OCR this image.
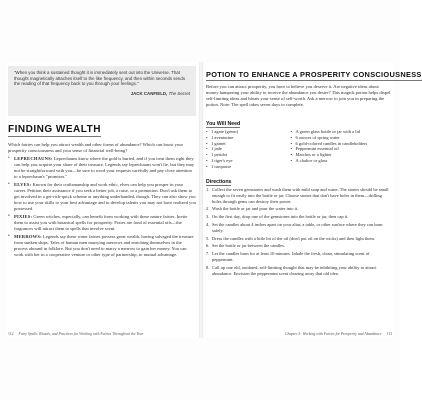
"When you think a sustained thought it is immediately sent out into the Universe. That thought magnetically attaches itself to the like frequency, and then within seconds sends the reading of that frequency back to you through your feelings."

JACK CANFIELD, The Secret
FINDING WEALTH

Which fairies can help you attract wealth and other forms of abundance? Which can boost your prosperity consciousness and your sense of financial well-being?

• LEPRECHAUNS: Leprechauns know where the gold is buried, and if you treat them right they can help you acquire your share of their treasure. Legends say leprechauns won't lie, but they may not be straightforward with you—be sure to word your requests carefully and pay close attention to a leprechaun's "promises."
• ELVES: Known for their craftsmanship and work ethic, elves can help you prosper in your career. Petition their assistance if you seek a better job, a raise, or a promotion. Don't ask them to get involved in a get-rich-quick scheme or anything underhanded, though. They can also show you how to use your skills to your best advantage and to develop talents you may not have realized you possessed.
• PIXIES: Green witches, especially, can benefit from working with these nature fairies. Invite them to assist you with botanical spells for prosperity. Pixies are fond of essential oils—the fragrances will attract them to spells that involve scent.
• MERROWS: Legends say these water fairies possess great wealth, having salvaged the treasure from sunken ships. Tales of human men marrying merrows and enriching themselves in the process abound in folklore. But you don't need to marry a merrow to gain her money. You can work with her in a cooperative venture or other type of partnership, to mutual advantage.
112 Fairy Spells: Rituals, and Practices for Working with Fairies Throughout the Year
POTION TO ENHANCE A PROSPERITY CONSCIOUSNESS

Before you can attract prosperity, you have to believe you deserve it. Are negative ideas about money hampering your ability to receive the abundance you desire? This magick potion helps dispel self-limiting ideas and bloats your sense of self-worth. Ask a merrow to join you in preparing the potion. Note: The spell takes seven days to complete.

You Will Need
• 1 agate (green)
• 1 aventurine
• 1 garnet
• 1 jade
• 1 peridot
• 1 tiger's eye
• 1 turquoise
• A green glass bottle or jar with a lid
• 6 ounces of spring water
• 6 gold-colored candles in candleholders
• Peppermint essential oil
• Matches or a lighter
• A chalice or glass
Directions
1. Collect the seven gemstones and wash them with mild soap and water. The stones should be small enough to fit easily into the bottle or jar. Choose stones that don't have holes in them—drilling holes through gems can destroy their power.
2. Wash the bottle or jar and pour the water into it.
3. On the first day, drop one of the gemstones into the bottle or jar, then cap it.
4. Set the candles about 4 inches apart on your altar, a table, or other surface where they can burn safely.
5. Dress the candles with a little bit of the oil (don't put oil on the wicks) and then light them.
6. Set the bottle or jar between the candles.
7. Let the candles burn for at least 10 minutes. Inhale the fresh, clean, stimulating scent of peppermint.
8. Call up one old, outdated, self-limiting thought that may be inhibiting your ability to attract abundance. Envision the peppermint scent clearing away that old idea.
Chapter 5: Working with Fairies for Prosperity and Abundance 113
